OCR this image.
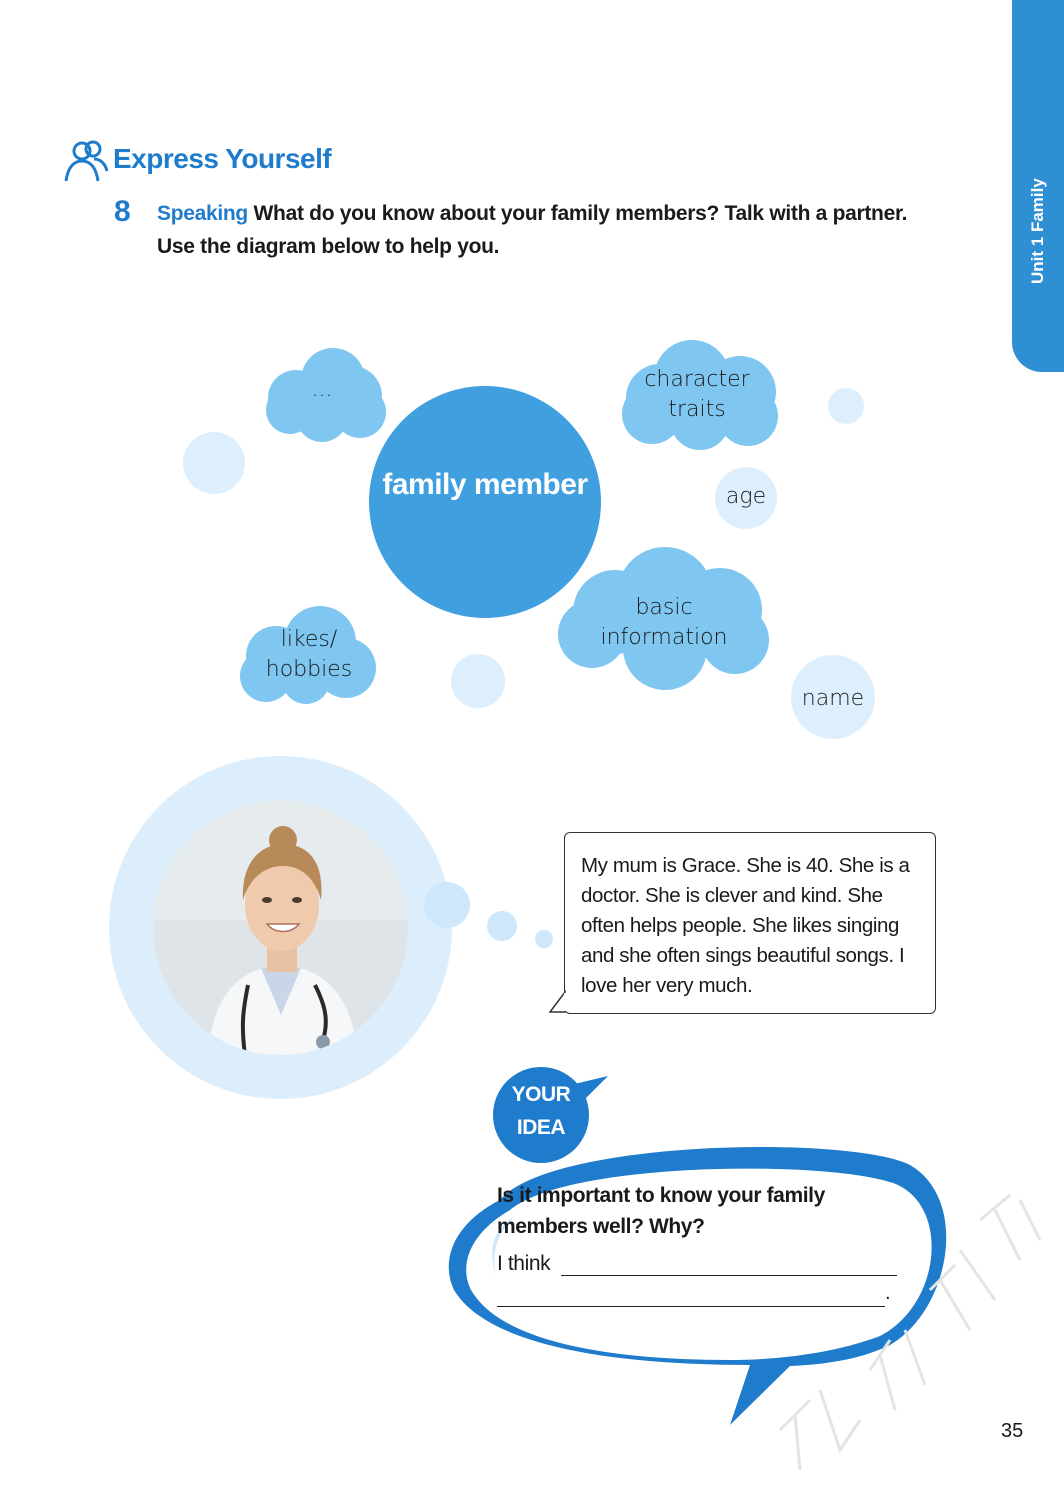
Unit 1 Family
Express Yourself
8 Speaking What do you know about your family members? Talk with a partner. Use the diagram below to help you.
family member
...	character traits
age
basic information
likes/ hobbies
name
My mum is Grace. She is 40. She is a doctor. She is clever and kind. She often helps people. She likes singing and she often sings beautiful songs. I love her very much.
YOUR IDEA
Is it important to know your family members well? Why?
I think
.
35
